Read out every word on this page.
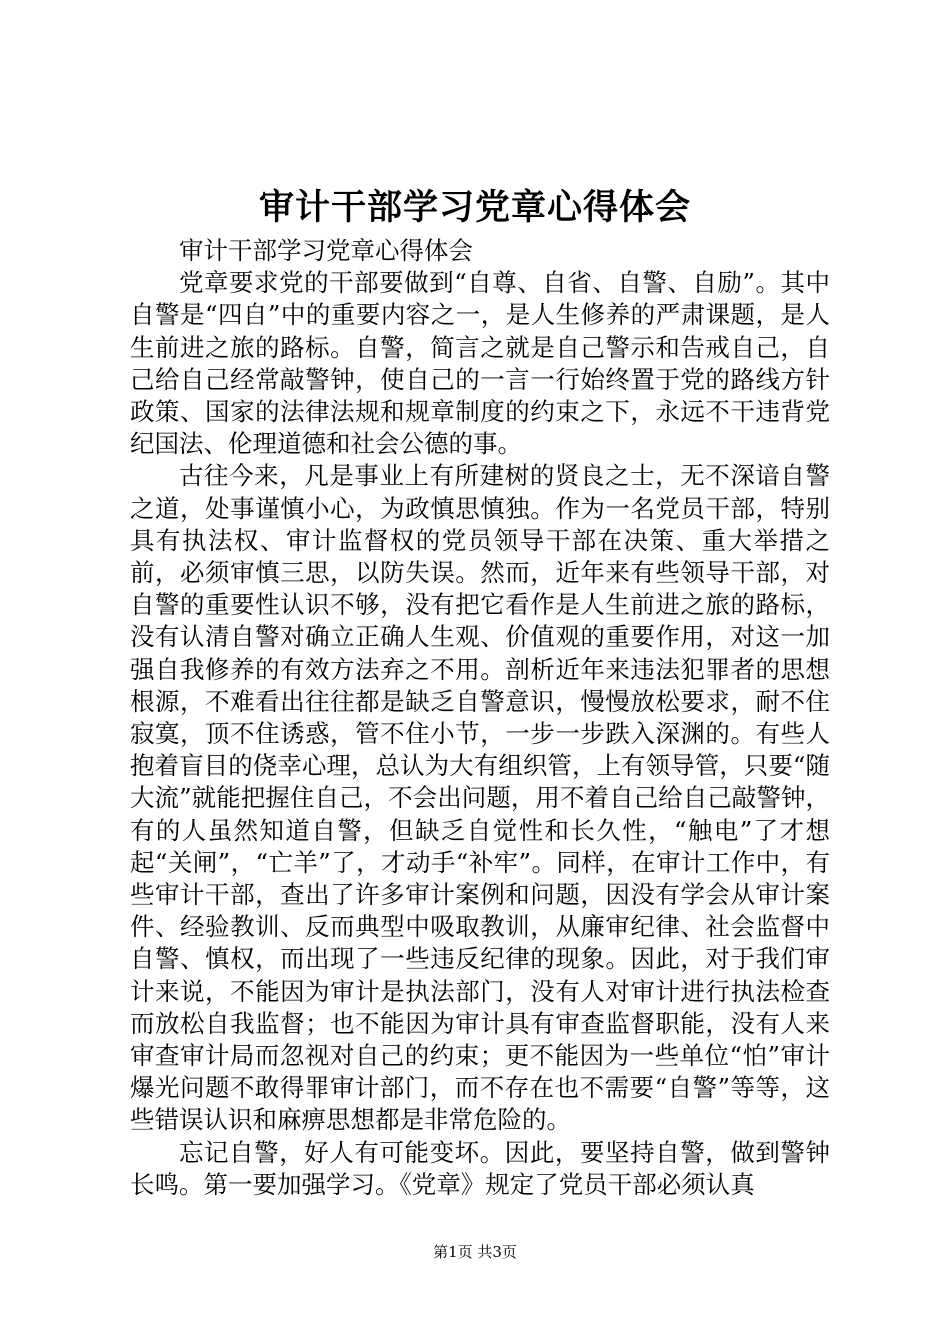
审计干部学习党章心得体会

审计干部学习党章心得体会

党章要求党的干部要做到“自尊、自省、自警、自励”。其中自警是“四自”中的重要内容之一，是人生修养的严肃课题，是人生前进之旅的路标。自警，简言之就是自己警示和告戒自己，自己给自己经常敲警钟，使自己的一言一行始终置于党的路线方针政策、国家的法律法规和规章制度的约束之下，永远不干违背党纪国法、伦理道德和社会公德的事。

古往今来，凡是事业上有所建树的贤良之士，无不深谙自警之道，处事谨慎小心，为政慎思慎独。作为一名党员干部，特别具有执法权、审计监督权的党员领导干部在决策、重大举措之前，必须审慎三思，以防失误。然而，近年来有些领导干部，对自警的重要性认识不够，没有把它看作是人生前进之旅的路标，没有认清自警对确立正确人生观、价值观的重要作用，对这一加强自我修养的有效方法弃之不用。剖析近年来违法犯罪者的思想根源，不难看出往往都是缺乏自警意识，慢慢放松要求，耐不住寂寞，顶不住诱惑，管不住小节，一步一步跌入深渊的。有些人抱着盲目的侥幸心理，总认为大有组织管，上有领导管，只要“随大流”就能把握住自己，不会出问题，用不着自己给自己敲警钟，有的人虽然知道自警，但缺乏自觉性和长久性，“触电”了才想起“关闸”，“亡羊”了，才动手“补牢”。同样，在审计工作中，有些审计干部，查出了许多审计案例和问题，因没有学会从审计案件、经验教训、反而典型中吸取教训，从廉审纪律、社会监督中自警、慎权，而出现了一些违反纪律的现象。因此，对于我们审计来说，不能因为审计是执法部门，没有人对审计进行执法检查而放松自我监督；也不能因为审计具有审查监督职能，没有人来审查审计局而忽视对自己的约束；更不能因为一些单位“怕”审计爆光问题不敢得罪审计部门，而不存在也不需要“自警”等等，这些错误认识和麻痹思想都是非常危险的。

忘记自警，好人有可能变坏。因此，要坚持自警，做到警钟长鸣。第一要加强学习。《党章》规定了党员干部必须认真

第1页 共3页
